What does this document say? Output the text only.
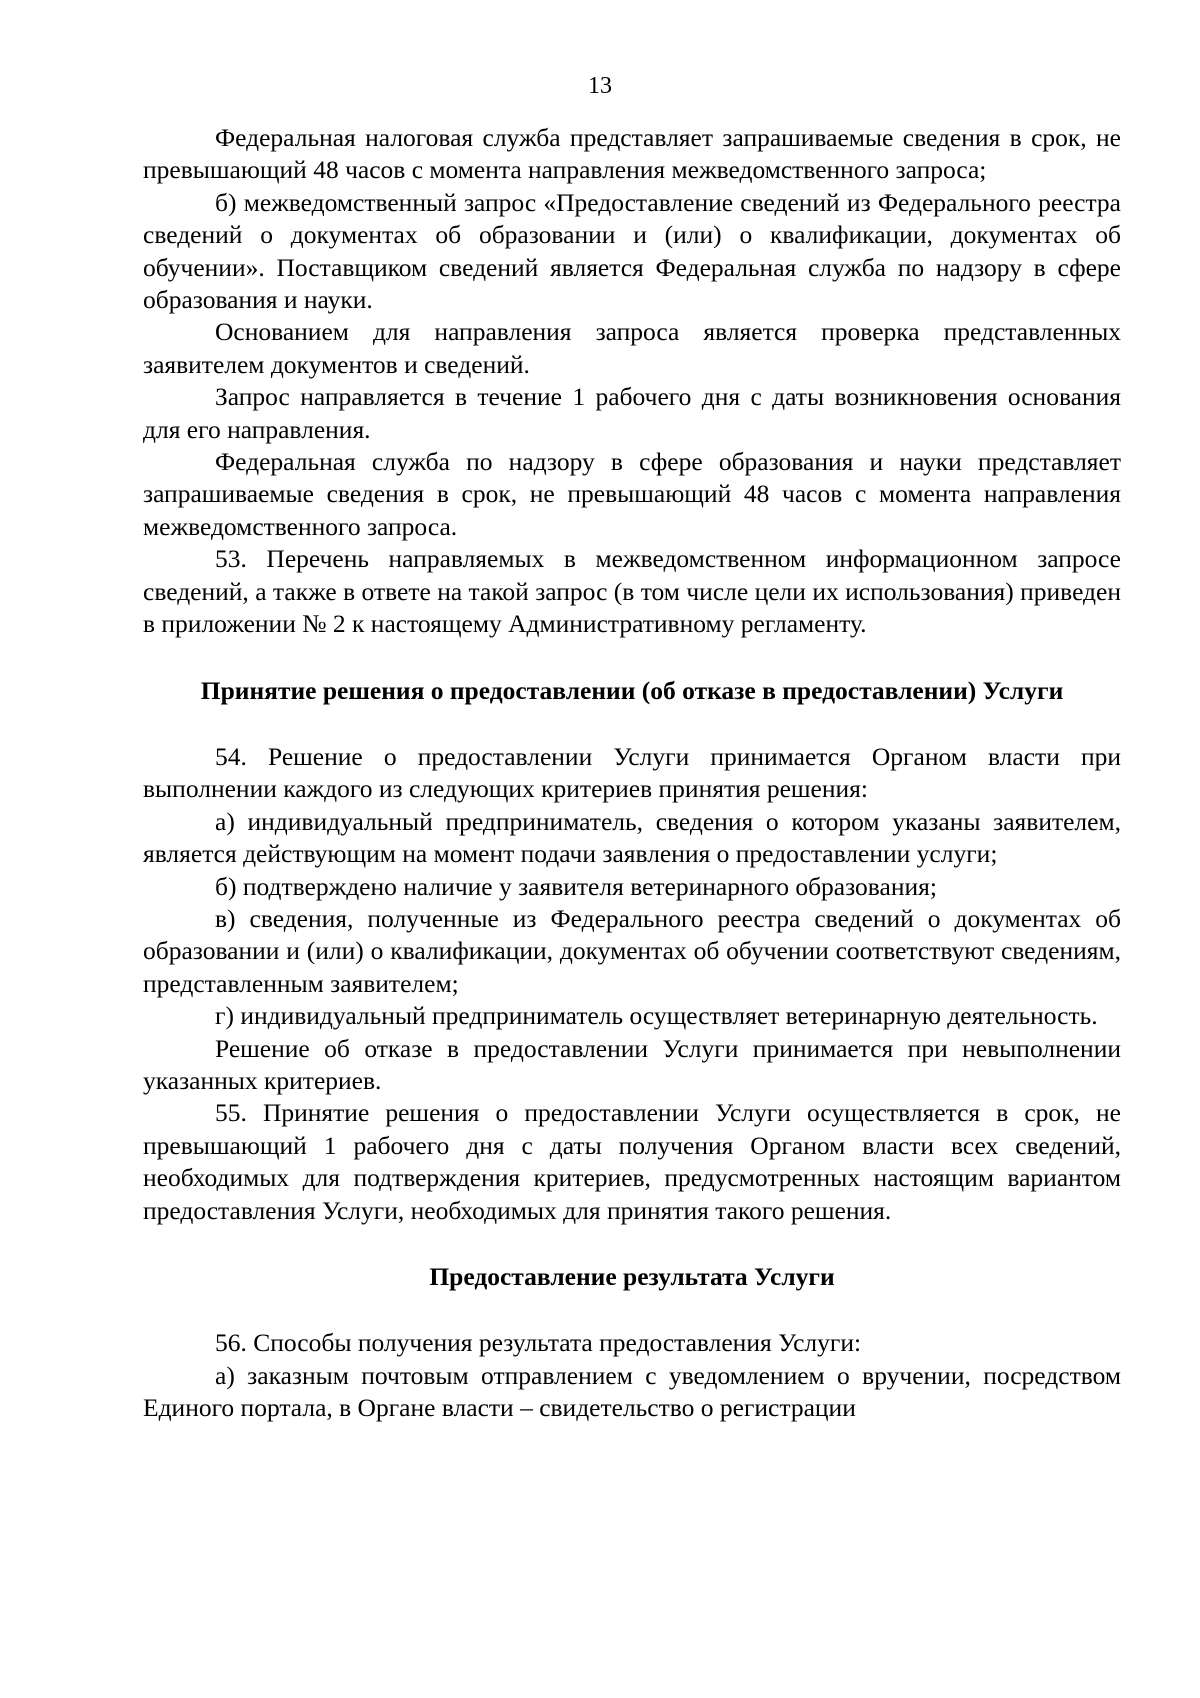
13

Федеральная налоговая служба представляет запрашиваемые сведения в срок, не превышающий 48 часов с момента направления межведомственного запроса;

б) межведомственный запрос «Предоставление сведений из Федерального реестра сведений о документах об образовании и (или) о квалификации, документах об обучении». Поставщиком сведений является Федеральная служба по надзору в сфере образования и науки.

Основанием для направления запроса является проверка представленных заявителем документов и сведений.

Запрос направляется в течение 1 рабочего дня с даты возникновения основания для его направления.

Федеральная служба по надзору в сфере образования и науки представляет запрашиваемые сведения в срок, не превышающий 48 часов с момента направления межведомственного запроса.

53. Перечень направляемых в межведомственном информационном запросе сведений, а также в ответе на такой запрос (в том числе цели их использования) приведен в приложении № 2 к настоящему Административному регламенту.

Принятие решения о предоставлении (об отказе в предоставлении) Услуги

54. Решение о предоставлении Услуги принимается Органом власти при выполнении каждого из следующих критериев принятия решения:

а) индивидуальный предприниматель, сведения о котором указаны заявителем, является действующим на момент подачи заявления о предоставлении услуги;

б) подтверждено наличие у заявителя ветеринарного образования;

в) сведения, полученные из Федерального реестра сведений о документах об образовании и (или) о квалификации, документах об обучении соответствуют сведениям, представленным заявителем;

г) индивидуальный предприниматель осуществляет ветеринарную деятельность.

Решение об отказе в предоставлении Услуги принимается при невыполнении указанных критериев.

55. Принятие решения о предоставлении Услуги осуществляется в срок, не превышающий 1 рабочего дня с даты получения Органом власти всех сведений, необходимых для подтверждения критериев, предусмотренных настоящим вариантом предоставления Услуги, необходимых для принятия такого решения.

Предоставление результата Услуги

56. Способы получения результата предоставления Услуги:

а) заказным почтовым отправлением с уведомлением о вручении, посредством Единого портала, в Органе власти – свидетельство о регистрации
